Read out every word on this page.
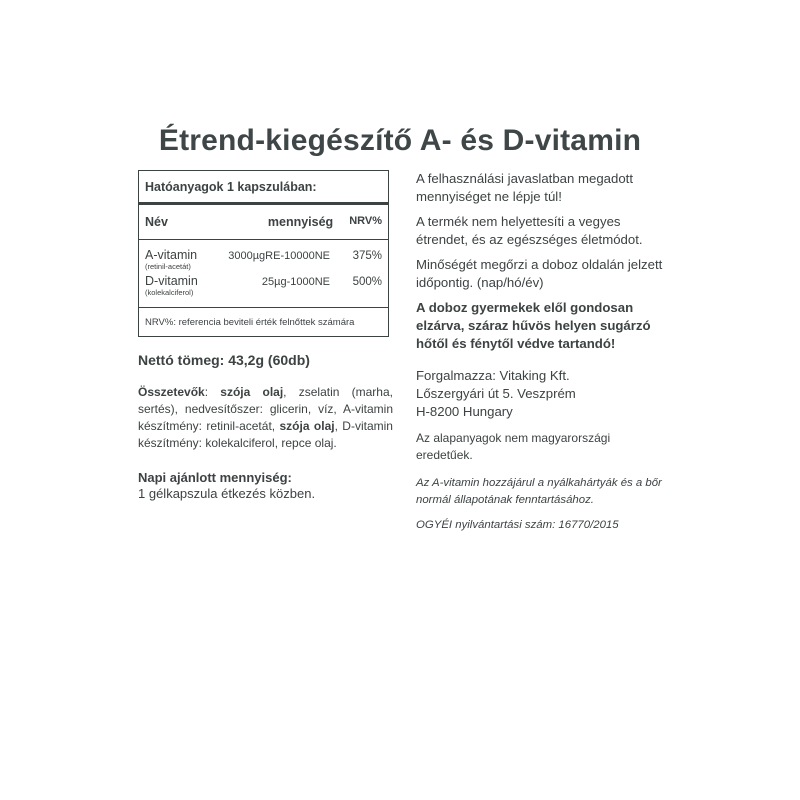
Étrend-kiegészítő A- és D-vitamin
Hatóanyagok 1 kapszulában:
Név	mennyiség NRV%
A-vitamin	3000µgRE-10000NE	375%
(retinil-acetát)
D-vitamin	25µg-1000NE	500%
(kolekalciferol)
NRV%: referencia beviteli érték felnőttek számára
Nettó tömeg: 43,2g (60db)
Összetevők: szója olaj, zselatin (marha, sertés), nedvesítőszer: glicerin, víz, A-vitamin készítmény: retinil-acetát, szója olaj, D-vitamin készítmény: kolekalciferol, repce olaj.
Napi ajánlott mennyiség:
1 gélkapszula étkezés közben.

A felhasználási javaslatban megadott mennyiséget ne lépje túl!

A termék nem helyettesíti a vegyes étrendet, és az egészséges életmódot.

Minőségét megőrzi a doboz oldalán jelzett időpontig. (nap/hó/év)

A doboz gyermekek elől gondosan elzárva, száraz hűvös helyen sugárzó hőtől és fénytől védve tartandó!

Forgalmazza: Vitaking Kft.

Lőszergyári út 5. Veszprém

H-8200 Hungary

Az alapanyagok nem magyarországi eredetűek.

Az A-vitamin hozzájárul a nyálkahártyák és a bőr normál állapotának fenntartásához.

OGYÉI nyilvántartási szám: 16770/2015
